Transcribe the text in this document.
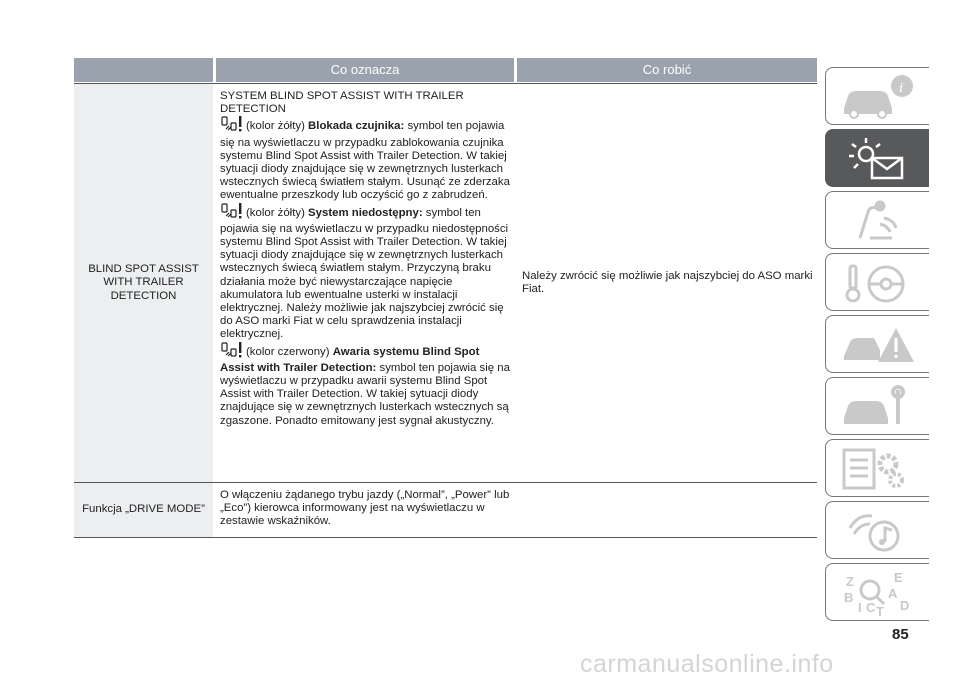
Co oznacza	Co robić
BLIND SPOT ASSIST
WITH TRAILER
DETECTION
SYSTEM BLIND SPOT ASSIST WITH TRAILER DETECTION
(kolor żółty) Blokada czujnika: symbol ten pojawia się na wyświetlaczu w przypadku zablokowania czujnika systemu Blind Spot Assist with Trailer Detection. W takiej sytuacji diody znajdujące się w zewnętrznych lusterkach wstecznych świecą światłem stałym. Usunąć ze zderzaka ewentualne przeszkody lub oczyścić go z zabrudzeń.
(kolor żółty) System niedostępny: symbol ten pojawia się na wyświetlaczu w przypadku niedostępności systemu Blind Spot Assist with Trailer Detection. W takiej sytuacji diody znajdujące się w zewnętrznych lusterkach wstecznych świecą światłem stałym. Przyczyną braku działania może być niewystarczające napięcie akumulatora lub ewentualne usterki w instalacji elektrycznej. Należy możliwie jak najszybciej zwrócić się do ASO marki Fiat w celu sprawdzenia instalacji elektrycznej.
(kolor czerwony) Awaria systemu Blind Spot Assist with Trailer Detection: symbol ten pojawia się na wyświetlaczu w przypadku awarii systemu Blind Spot Assist with Trailer Detection. W takiej sytuacji diody znajdujące się w zewnętrznych lusterkach wstecznych są zgaszone. Ponadto emitowany jest sygnał akustyczny.
Należy zwrócić się możliwie jak najszybciej do ASO marki Fiat.
Funkcja „DRIVE MODE”
O włączeniu żądanego trybu jazdy („Normal”, „Power” lub „Eco”) kierowca informowany jest na wyświetlaczu w zestawie wskaźników.
i
Z	E
A
B
C T D
I
85
carmanualsonline.info
